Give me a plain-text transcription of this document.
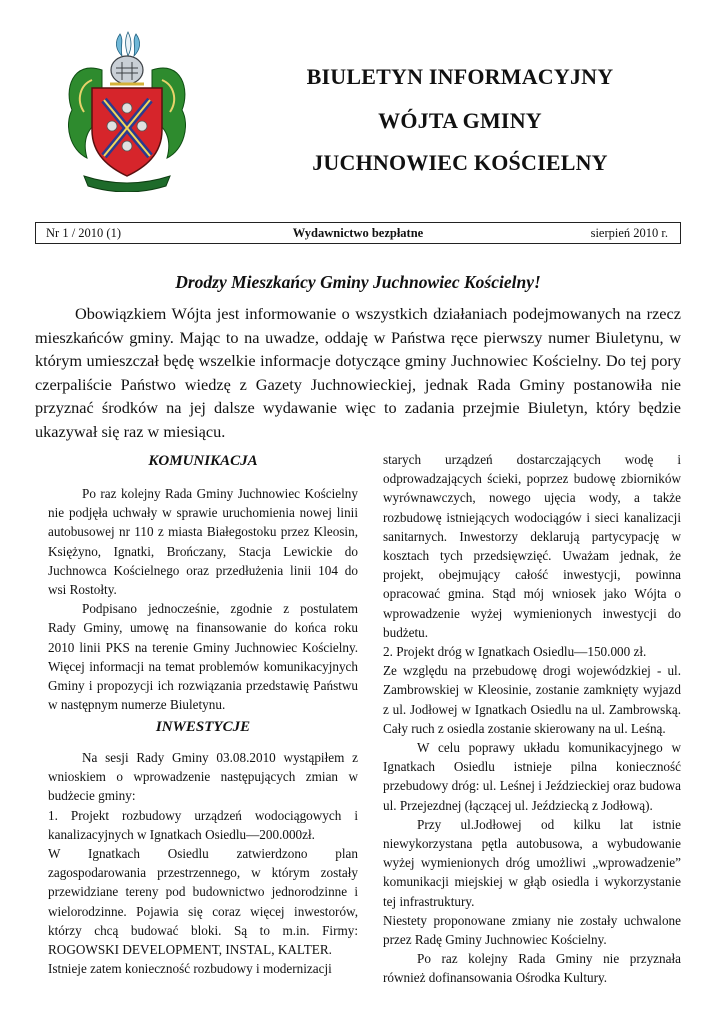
BIULETYN INFORMACYJNY
WÓJTA GMINY
JUCHNOWIEC KOŚCIELNY
Nr 1 / 2010 (1)	Wydawnictwo bezpłatne	sierpień 2010 r.
Drodzy Mieszkańcy Gminy Juchnowiec Kościelny!

Obowiązkiem Wójta jest informowanie o wszystkich działaniach podejmowanych na rzecz mieszkańców gminy. Mając to na uwadze, oddaję w Państwa ręce pierwszy numer Biuletynu, w którym umieszczał będę wszelkie informacje dotyczące gminy Juchnowiec Kościelny. Do tej pory czerpaliście Państwo wiedzę z Gazety Juchnowieckiej, jednak Rada Gminy postanowiła nie przyznać środków na jej dalsze wydawanie więc to zadania przejmie Biuletyn, który będzie ukazywał się raz w miesiącu.

KOMUNIKACJA

Po raz kolejny Rada Gminy Juchnowiec Kościelny nie podjęła uchwały w sprawie uruchomienia nowej linii autobusowej nr 110 z miasta Białegostoku przez Kleosin, Księżyno, Ignatki, Brończany, Stacja Lewickie do Juchnowca Kościelnego oraz przedłużenia linii 104 do wsi Rostołty.

Podpisano jednocześnie, zgodnie z postulatem Rady Gminy, umowę na finansowanie do końca roku 2010 linii PKS na terenie Gminy Juchnowiec Kościelny. Więcej informacji na temat problemów komunikacyjnych Gminy i propozycji ich rozwiązania przedstawię Państwu w następnym numerze Biuletynu.

INWESTYCJE

Na sesji Rady Gminy 03.08.2010 wystąpiłem z wnioskiem o wprowadzenie następujących zmian w budżecie gminy:

1. Projekt rozbudowy urządzeń wodociągowych i kanalizacyjnych w Ignatkach Osiedlu—200.000zł.

W Ignatkach Osiedlu zatwierdzono plan zagospodarowania przestrzennego, w którym zostały przewidziane tereny pod budownictwo jednorodzinne i wielorodzinne. Pojawia się coraz więcej inwestorów, którzy chcą budować bloki. Są to m.in. Firmy: ROGOWSKI DEVELOPMENT, INSTAL, KALTER.

Istnieje zatem konieczność rozbudowy i modernizacji

starych urządzeń dostarczających wodę i odprowadzających ścieki, poprzez budowę zbiorników wyrównawczych, nowego ujęcia wody, a także rozbudowę istniejących wodociągów i sieci kanalizacji sanitarnych. Inwestorzy deklarują partycypację w kosztach tych przedsięwzięć. Uważam jednak, że projekt, obejmujący całość inwestycji, powinna opracować gmina. Stąd mój wniosek jako Wójta o wprowadzenie wyżej wymienionych inwestycji do budżetu.

2. Projekt dróg w Ignatkach Osiedlu—150.000 zł.

Ze względu na przebudowę drogi wojewódzkiej - ul. Zambrowskiej w Kleosinie, zostanie zamknięty wyjazd z ul. Jodłowej w Ignatkach Osiedlu na ul. Zambrowską. Cały ruch z osiedla zostanie skierowany na ul. Leśną.

W celu poprawy układu komunikacyjnego w Ignatkach Osiedlu istnieje pilna konieczność przebudowy dróg: ul. Leśnej i Jeździeckiej oraz budowa ul. Przejezdnej (łączącej ul. Jeździecką z Jodłową).

Przy ul.Jodłowej od kilku lat istnie niewykorzystana pętla autobusowa, a wybudowanie wyżej wymienionych dróg umożliwi „wprowadzenie” komunikacji miejskiej w głąb osiedla i wykorzystanie tej infrastruktury.

Niestety proponowane zmiany nie zostały uchwalone przez Radę Gminy Juchnowiec Kościelny.

Po raz kolejny Rada Gminy nie przyznała również dofinansowania Ośrodka Kultury.
